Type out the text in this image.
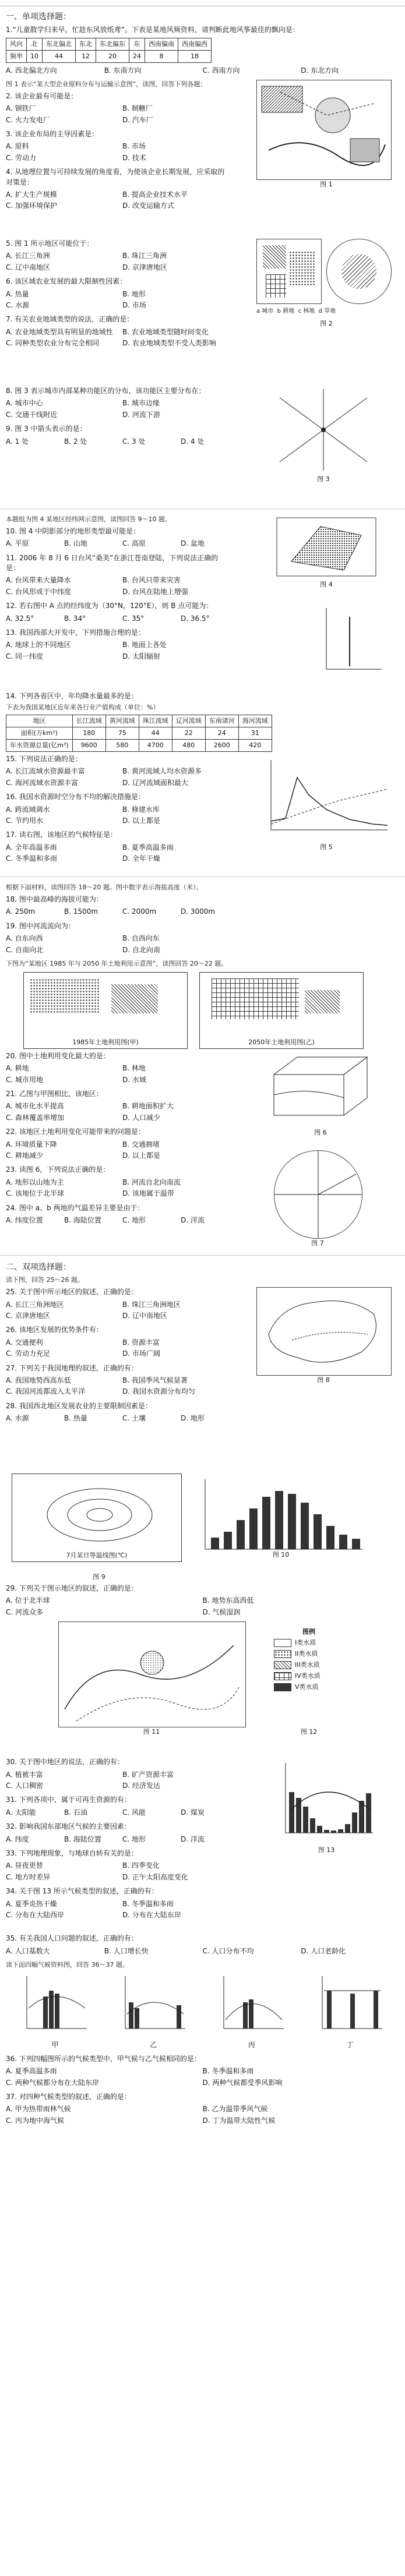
一、单项选择题：
1.“儿童散学归来早，忙趁东风放纸鸢”。下表是某地风频资料，请判断此地风筝最佳的飘向是：
风向	北	东北偏北	东北	东北偏东	东	西南偏南	西南偏西
频率	10	44	12	20	24	8	18
A. 西北偏北方向	B. 东南方向	C. 西南方向	D. 东北方向
图 1 表示“某大型企业原料分布与运输示意图”，读图，回答下列各题：
2. 该企业最有可能是：
A. 钢铁厂	B. 制糖厂
C. 火力发电厂	D. 汽车厂
3. 该企业布局的主导因素是：
A. 原料	B. 市场
C. 劳动力	D. 技术
4. 从地理位置与可持续发展的角度看，为使该企业长期发展，应采取的对策是：
A. 扩大生产规模	B. 提高企业技术水平
C. 加强环境保护	D. 改变运输方式
图 1
5. 图 1 所示地区可能位于：
A. 长江三角洲	B. 珠江三角洲
C. 辽中南地区	D. 京津唐地区
6. 该区域农业发展的最大限制性因素：
A. 热量	B. 地形
C. 水源	D. 市场
7. 有关农业地域类型的说法，正确的是：
A. 农业地域类型具有明显的地域性	B. 农业地域类型随时间变化
C. 同种类型农业分布完全相同	D. 农业地域类型不受人类影响
a 城市 b 耕地 c 林地 d 草地
图 2
8. 图 3 表示城市内部某种功能区的分布，该功能区主要分布在：
A. 城市中心	B. 城市边缘
C. 交通干线附近	D. 河流下游
9. 图 3 中箭头表示的是：
A. 1 处	B. 2 处	C. 3 处	D. 4 处
图 3
本题组为图 4 某地区经纬网示意图，读图回答 9～10 题。
10. 图 4 中阴影部分的地形类型最可能是：
A. 平原	B. 山地	C. 高原	D. 盆地
11. 2006 年 8 月 6 日台风“桑美”在浙江苍南登陆，下列说法正确的是：
A. 台风带来大量降水	B. 台风只带来灾害
C. 台风形成于中纬度	D. 台风在陆地上增强
12. 若右图中 A 点的经纬度为（30°N，120°E），则 B 点可能为：
A. 32.5°	B. 34°	C. 35°	D. 36.5°
13. 我国西部大开发中，下列措施合理的是：
A. 地球上的不同地区	B. 地面上各处
C. 同一纬度	D. 太阳辐射
图 4
14. 下列各省区中，年均降水量最多的是：
下表为我国某地区近年来各行业产值构成（单位：%）
地区	长江流域	黄河流域	珠江流域	辽河流域	东南诸河	海河流域
面积(万km²)	180	75	44	22	24	31
年水资源总量(亿m³)	9600	580	4700	480	2600	420
15. 下列说法正确的是：
A. 长江流域水资源最丰富	B. 黄河流域人均水资源多
C. 海河流域水资源丰富	D. 辽河流域面积最大
16. 我国水资源时空分布不均的解决措施是：
A. 跨流域调水	B. 修建水库
C. 节约用水	D. 以上都是
17. 读右图，该地区的气候特征是：
A. 全年高温多雨	B. 夏季高温多雨
C. 冬季温和多雨	D. 全年干燥
图 5
根据下面材料，读图回答 18～20 题。图中数字表示海拔高度（米）。
18. 图中最高峰的海拔可能为：
A. 250m	B. 1500m	C. 2000m	D. 3000m
19. 图中河流流向为：
A. 自东向西	B. 自西向东
C. 自南向北	D. 自北向南
下图为“某地区 1985 年与 2050 年土地利用示意图”，读图回答 20～22 题。
1985年土地利用图(甲)	2050年土地利用图(乙)
20. 图中土地利用变化最大的是：
A. 耕地	B. 林地
C. 城市用地	D. 水域
21. 乙图与甲图相比，该地区：
A. 城市化水平提高	B. 耕地面积扩大
C. 森林覆盖率增加	D. 人口减少
22. 该地区土地利用变化可能带来的问题是：
A. 环境质量下降	B. 交通拥堵
C. 耕地减少	D. 以上都是
23. 读图 6，下列说法正确的是：
A. 地形以山地为主	B. 河流自北向南流
C. 该地位于北半球	D. 该地属于温带
24. 图中 a、b 两地的气温差异主要是由于：
A. 纬度位置	B. 海陆位置	C. 地形	D. 洋流
图 6
图 7
二、双项选择题：
读下图，回答 25～26 题。
25. 关于图中所示地区的叙述，正确的是：
A. 长江三角洲地区	B. 珠江三角洲地区
C. 京津唐地区	D. 辽中南地区
26. 该地区发展的优势条件有：
A. 交通便利	B. 资源丰富
C. 劳动力充足	D. 市场广阔
27. 下列关于我国地理的叙述，正确的有：
A. 我国地势西高东低	B. 我国季风气候显著
C. 我国河流都流入太平洋	D. 我国水资源分布均匀
28. 我国西北地区发展农业的主要限制因素是：
A. 水源	B. 热量	C. 土壤	D. 地形
图 8
7月某日等温线图(℃)	图 10
图 9
29. 下列关于图示地区的叙述，正确的是：
A. 位于北半球	B. 地势东高西低
C. 河流众多	D. 气候湿润
图 11
图例
I类水质
II类水质
III类水质
IV类水质
V类水质
图 12
30. 关于图中地区的说法，正确的有：
A. 植被丰富	B. 矿产资源丰富
C. 人口稠密	D. 经济发达
31. 下列各项中，属于可再生资源的有：
A. 太阳能	B. 石油	C. 风能	D. 煤炭
32. 影响我国东部地区气候的主要因素：
A. 纬度	B. 海陆位置	C. 地形	D. 洋流
33. 下列地理现象，与地球自转有关的是：
A. 昼夜更替	B. 四季变化
C. 地方时差异	D. 正午太阳高度变化
34. 关于图 13 所示气候类型的叙述，正确的有：
A. 夏季炎热干燥	B. 冬季温和多雨
C. 分布在大陆西岸	D. 分布在大陆东岸
图 13
35. 有关我国人口问题的叙述，正确的有：
A. 人口基数大	B. 人口增长快	C. 人口分布不均	D. 人口老龄化
读下面四幅气候资料图，回答 36～37 题。
甲	乙	丙	丁
36. 下列四幅图所示的气候类型中，甲气候与乙气候相同的是：
A. 夏季高温多雨	B. 冬季温和多雨
C. 两种气候都分布在大陆东岸	D. 两种气候都受季风影响
37. 对四种气候类型的叙述，正确的是：
A. 甲为热带雨林气候	B. 乙为温带季风气候
C. 丙为地中海气候	D. 丁为温带大陆性气候
